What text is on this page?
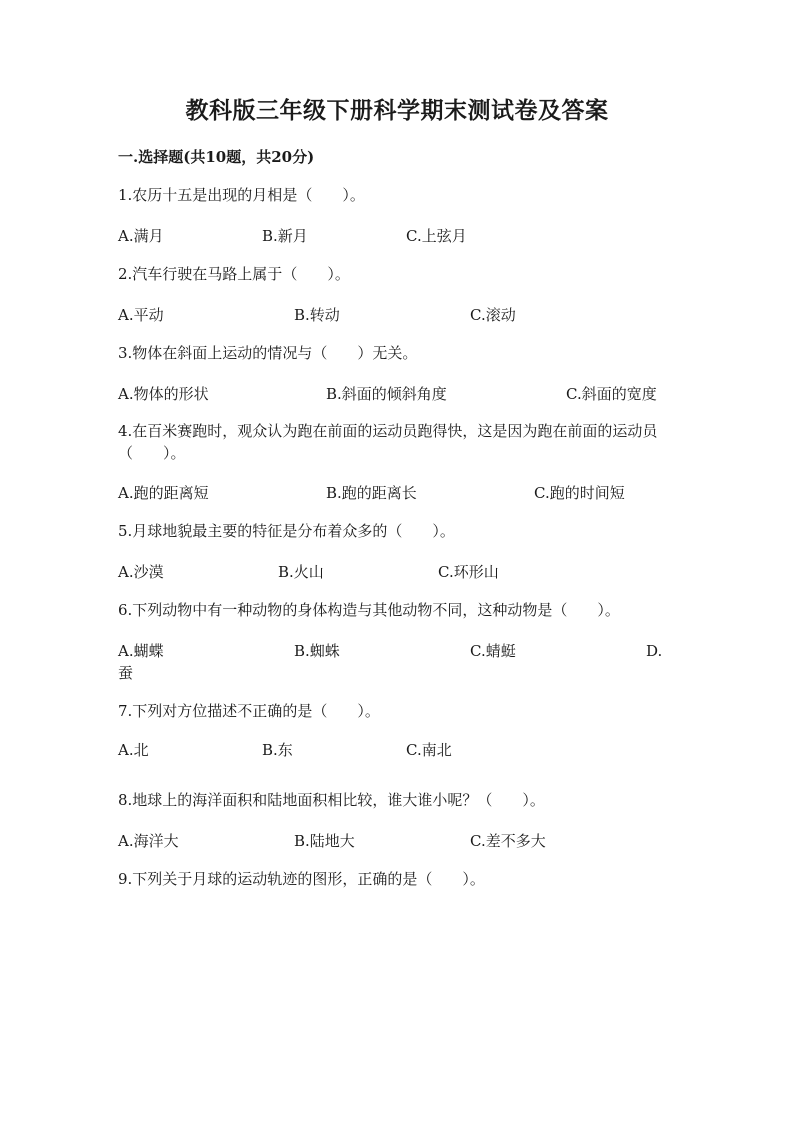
教科版三年级下册科学期末测试卷及答案
一.选择题(共10题，共20分)
1.农历十五是出现的月相是（　　）。
A.满月	B.新月	C.上弦月
2.汽车行驶在马路上属于（　　）。
A.平动	B.转动	C.滚动
3.物体在斜面上运动的情况与（　　）无关。
A.物体的形状	B.斜面的倾斜角度	C.斜面的宽度
4.在百米赛跑时，观众认为跑在前面的运动员跑得快，这是因为跑在前面的运动员（　　）。
A.跑的距离短	B.跑的距离长	C.跑的时间短
5.月球地貌最主要的特征是分布着众多的（　　）。
A.沙漠	B.火山	C.环形山
6.下列动物中有一种动物的身体构造与其他动物不同，这种动物是（　　）。
A.蝴蝶	B.蜘蛛	C.蜻蜓	D.
蚕
7.下列对方位描述不正确的是（　　）。
A.北	B.东	C.南北
8.地球上的海洋面积和陆地面积相比较，谁大谁小呢？（　　）。
A.海洋大	B.陆地大	C.差不多大
9.下列关于月球的运动轨迹的图形，正确的是（　　）。
